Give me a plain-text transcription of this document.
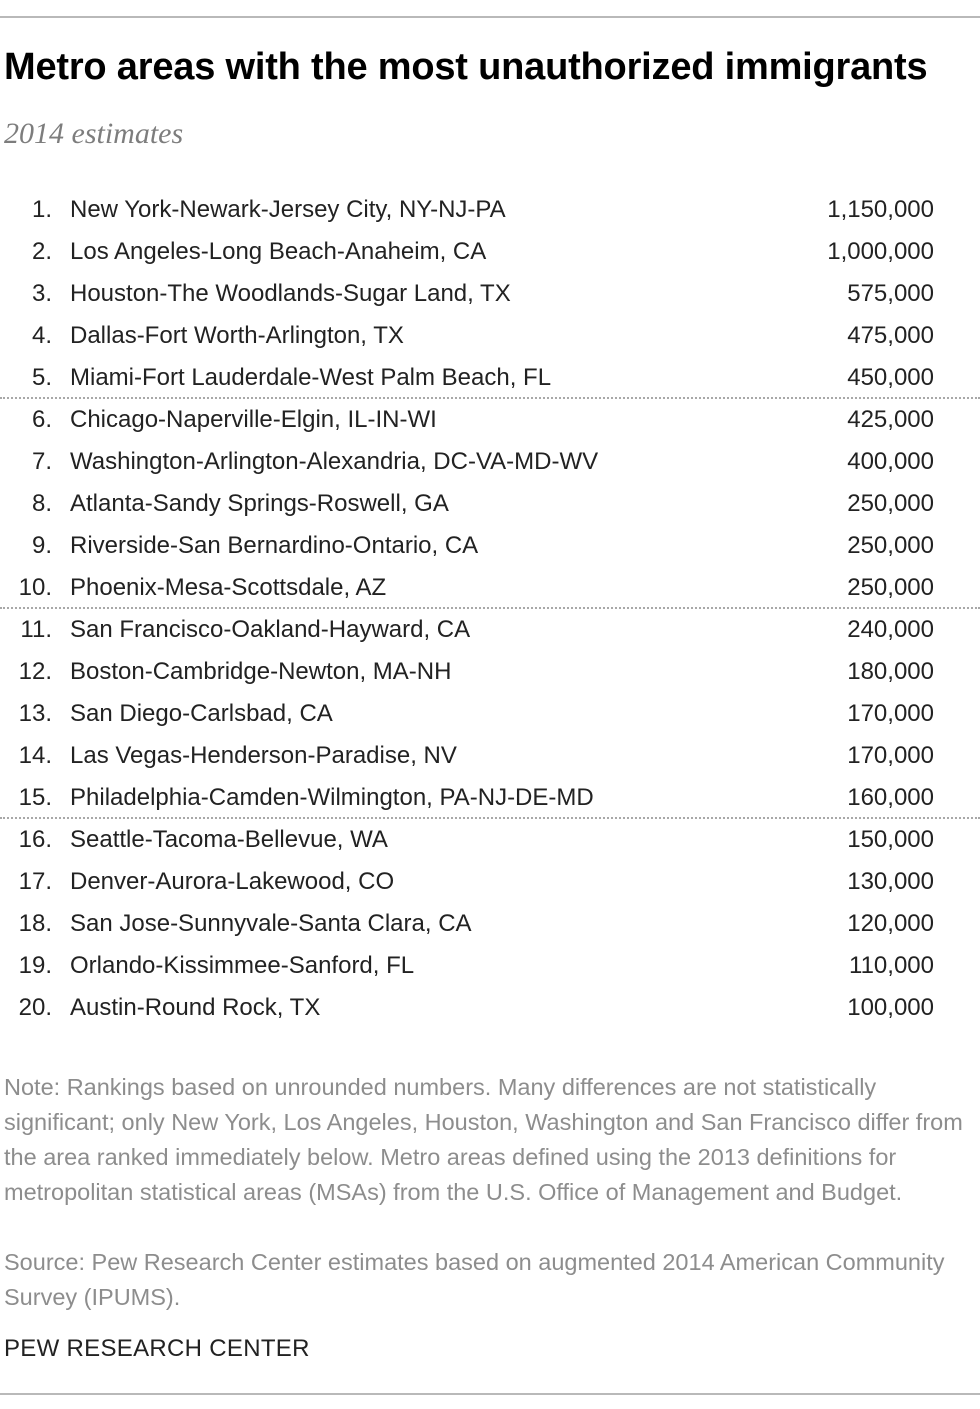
Metro areas with the most unauthorized immigrants

2014 estimates

1. New York-Newark-Jersey City, NY-NJ-PA	1,150,000
2. Los Angeles-Long Beach-Anaheim, CA	1,000,000
3. Houston-The Woodlands-Sugar Land, TX	575,000
4. Dallas-Fort Worth-Arlington, TX	475,000
5. Miami-Fort Lauderdale-West Palm Beach, FL	450,000
6. Chicago-Naperville-Elgin, IL-IN-WI	425,000
7. Washington-Arlington-Alexandria, DC-VA-MD-WV	400,000
8. Atlanta-Sandy Springs-Roswell, GA	250,000
9. Riverside-San Bernardino-Ontario, CA	250,000
10. Phoenix-Mesa-Scottsdale, AZ	250,000
11. San Francisco-Oakland-Hayward, CA	240,000
12. Boston-Cambridge-Newton, MA-NH	180,000
13. San Diego-Carlsbad, CA	170,000
14. Las Vegas-Henderson-Paradise, NV	170,000
15. Philadelphia-Camden-Wilmington, PA-NJ-DE-MD	160,000
16. Seattle-Tacoma-Bellevue, WA	150,000
17. Denver-Aurora-Lakewood, CO	130,000
18. San Jose-Sunnyvale-Santa Clara, CA	120,000
19. Orlando-Kissimmee-Sanford, FL	110,000
20. Austin-Round Rock, TX	100,000

Note: Rankings based on unrounded numbers. Many differences are not statistically significant; only New York, Los Angeles, Houston, Washington and San Francisco differ from the area ranked immediately below. Metro areas defined using the 2013 definitions for metropolitan statistical areas (MSAs) from the U.S. Office of Management and Budget.

Source: Pew Research Center estimates based on augmented 2014 American Community Survey (IPUMS).

PEW RESEARCH CENTER
